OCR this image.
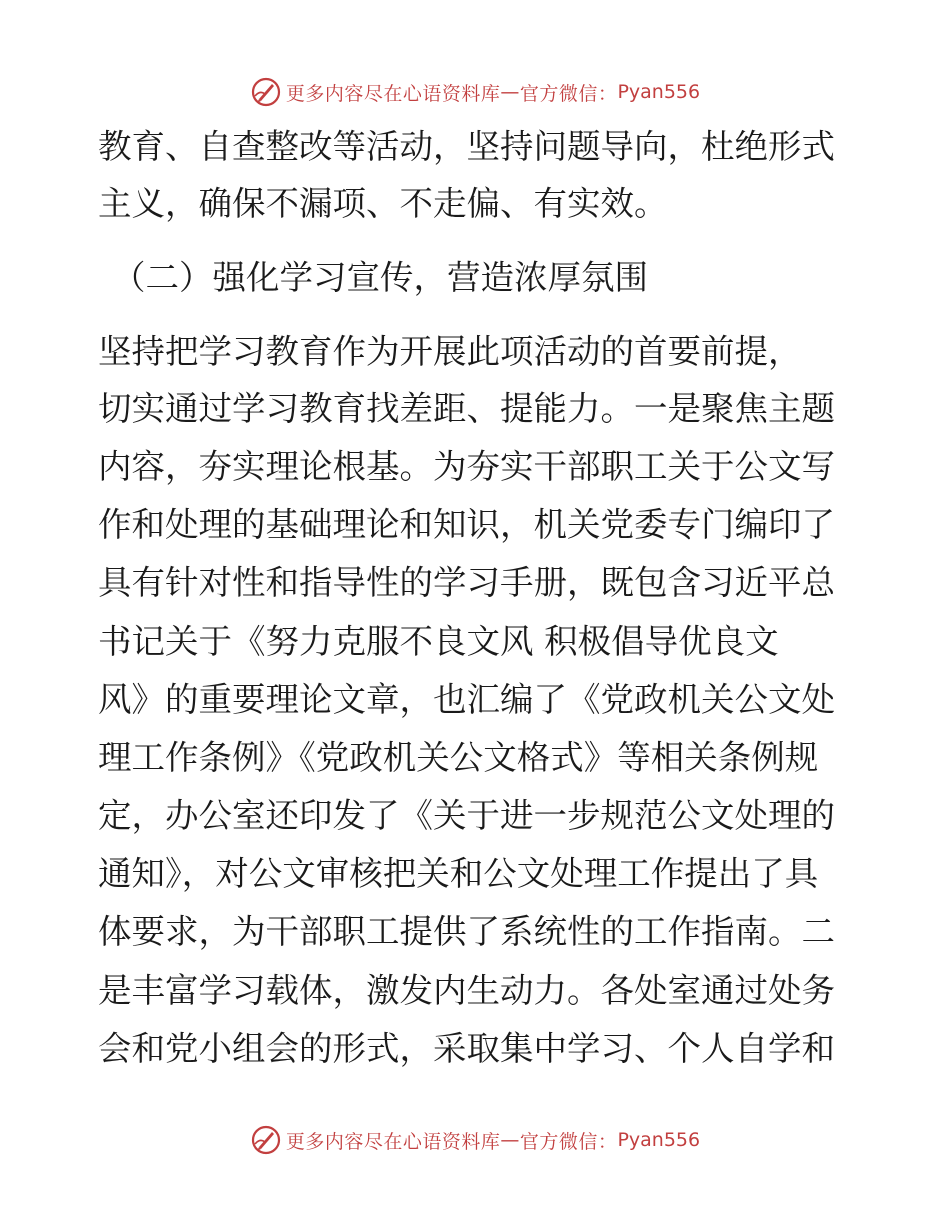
更多内容尽在心语资料库 — 官方微信： Pyan556
教育、自查整改等活动，坚持问题导向，杜绝形式
主义，确保不漏项、不走偏、有实效。
（二）强化学习宣传，营造浓厚氛围
坚持把学习教育作为开展此项活动的首要前提，
切实通过学习教育找差距、提能力。一是聚焦主题
内容，夯实理论根基。为夯实干部职工关于公文写
作和处理的基础理论和知识，机关党委专门编印了
具有针对性和指导性的学习手册，既包含习近平总
书记关于《努力克服不良文风 积极倡导优良文
风》的重要理论文章，也汇编了《党政机关公文处
理工作条例》《党政机关公文格式》等相关条例规
定，办公室还印发了《关于进一步规范公文处理的
通知》，对公文审核把关和公文处理工作提出了具
体要求，为干部职工提供了系统性的工作指南。二
是丰富学习载体，激发内生动力。各处室通过处务
会和党小组会的形式，采取集中学习、个人自学和
更多内容尽在心语资料库 — 官方微信： Pyan556
